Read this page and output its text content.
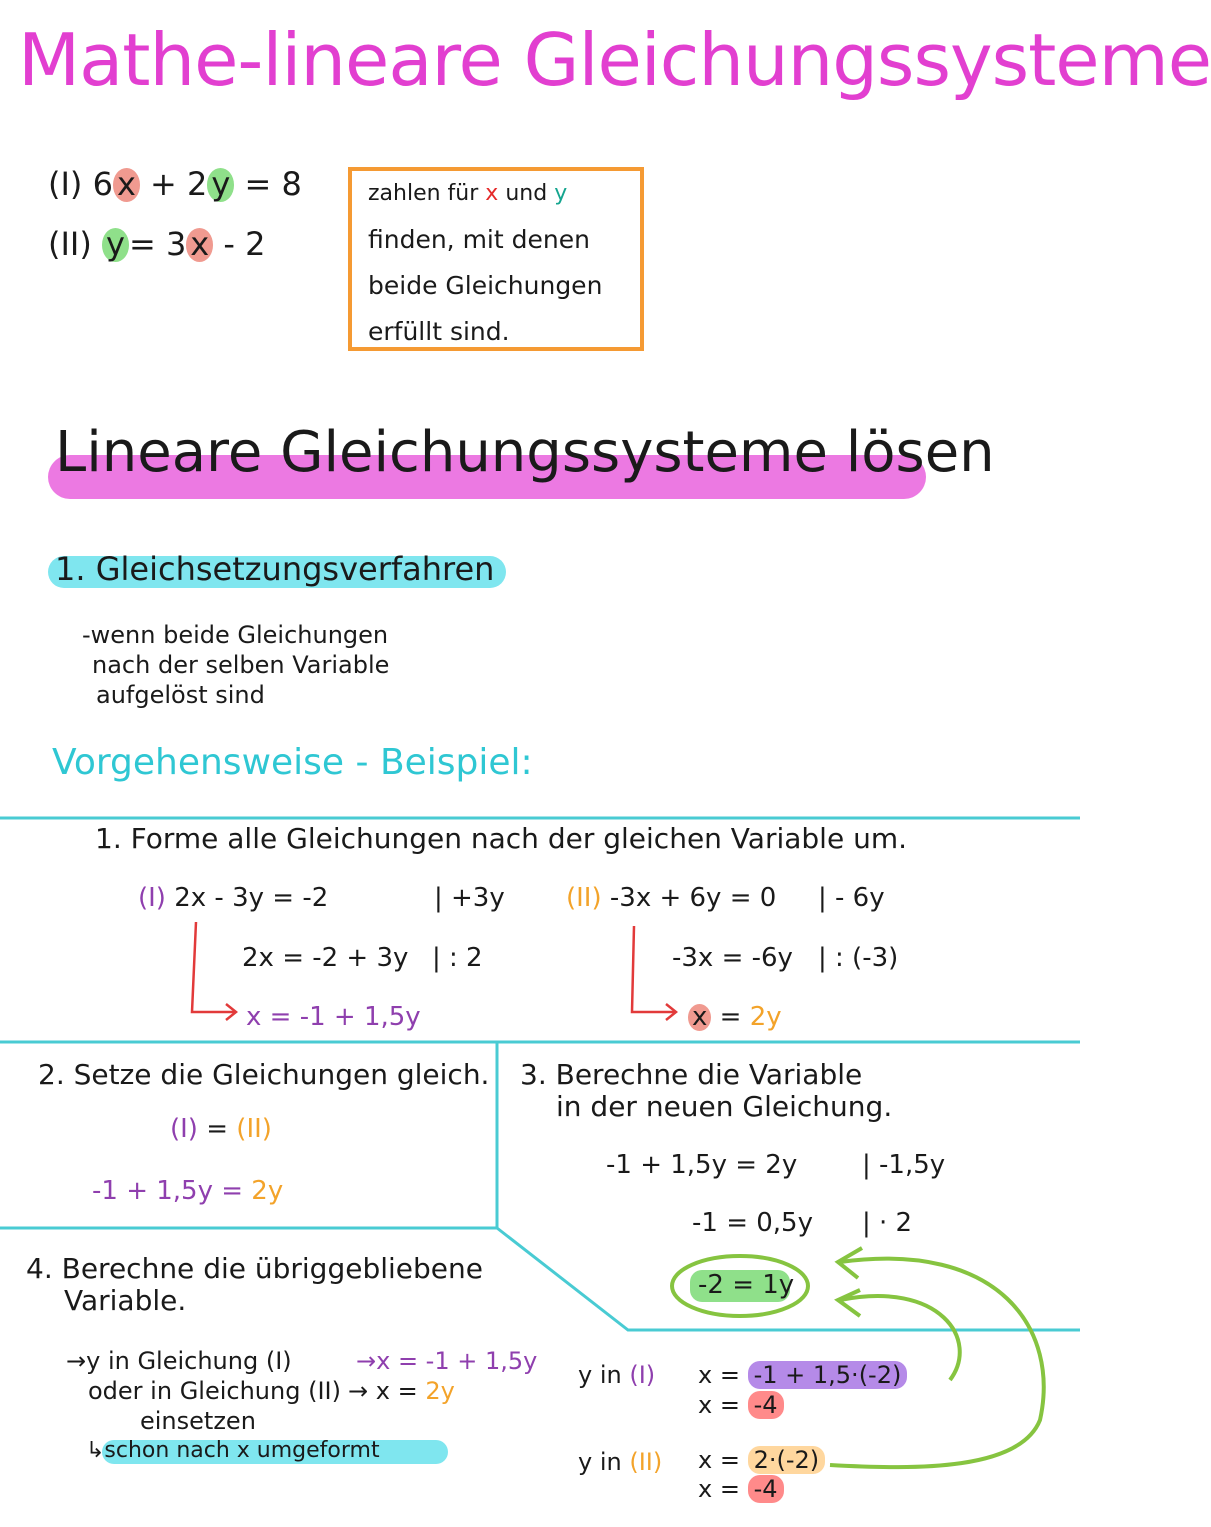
Mathe-lineare Gleichungssysteme
(I) 6 x + 2 y = 8
(II) y = 3 x - 2

zahlen für x und y

finden, mit denen

beide Gleichungen

erfüllt sind.

Lineare Gleichungssysteme lösen
1. Gleichsetzungsverfahren
-wenn beide Gleichungen
nach der selben Variable
aufgelöst sind
Vorgehensweise - Beispiel:
1. Forme alle Gleichungen nach der gleichen Variable um.
(I) 2x - 3y = -2	| +3y
2x = -2 + 3y | : 2
x = -1 + 1,5y
(II) -3x + 6y = 0 | - 6y
-3x = -6y | : (-3)
x = 2y
2. Setze die Gleichungen gleich.
(I) = (II)
-1 + 1,5y = 2y
3. Berechne die Variable
in der neuen Gleichung.
-1 + 1,5y = 2y | -1,5y
-1 = 0,5y | · 2
-2 = 1y
4. Berechne die übriggebliebene
Variable.
→y in Gleichung (I)	→x = -1 + 1,5y
oder in Gleichung (II) → x = 2y
einsetzen
↳schon nach x umgeformt
y in (I) x = -1 + 1,5·(-2)
x = -4
y in (II) x = 2·(-2)
x = -4
